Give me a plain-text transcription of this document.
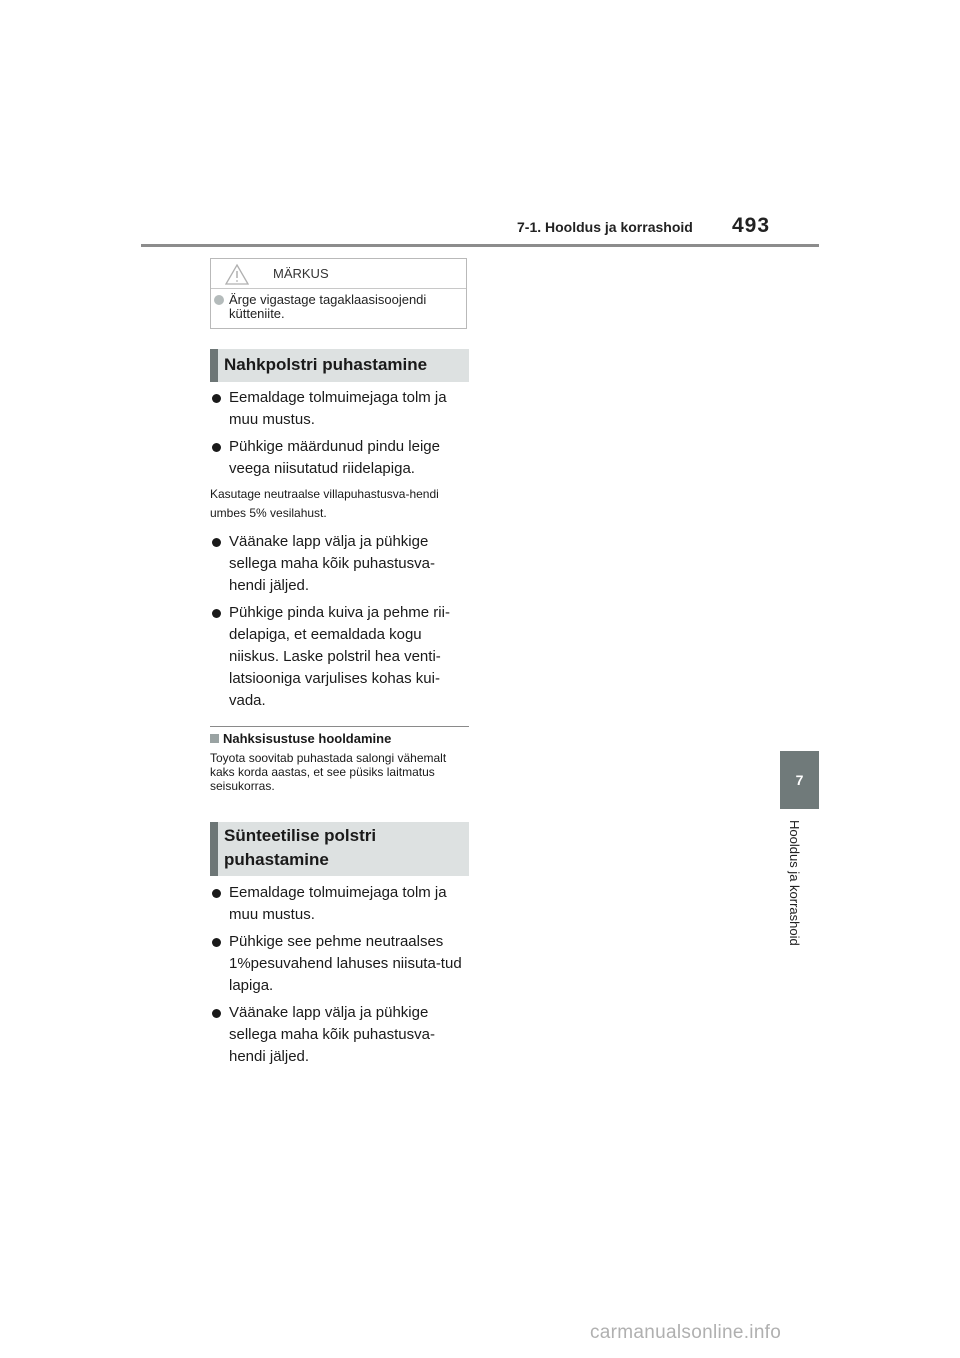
7-1. Hooldus ja korrashoid 493
7
Hooldus ja korrashoid
MÄRKUS
Ärge vigastage tagaklaasisoojendi kütteniite.
Nahkpolstri puhastamine

Eemaldage tolmuimejaga tolm ja muu mustus.

Pühkige määrdunud pindu leige veega niisutatud riidelapiga.

Kasutage neutraalse villapuhastusva-hendi umbes 5% vesilahust.

Väänake lapp välja ja pühkige sellega maha kõik puhastusva-hendi jäljed.

Pühkige pinda kuiva ja pehme rii-delapiga, et eemaldada kogu niiskus. Laske polstril hea venti-latsiooniga varjulises kohas kui-vada.

Nahksisustuse hooldamine
Toyota soovitab puhastada salongi vähemalt kaks korda aastas, et see püsiks laitmatus seisukorras.
Sünteetilise polstri puhastamine

Eemaldage tolmuimejaga tolm ja muu mustus.

Pühkige see pehme neutraalses 1%pesuvahend lahuses niisuta-tud lapiga.

Väänake lapp välja ja pühkige sellega maha kõik puhastusva-hendi jäljed.

carmanualsonline.info
